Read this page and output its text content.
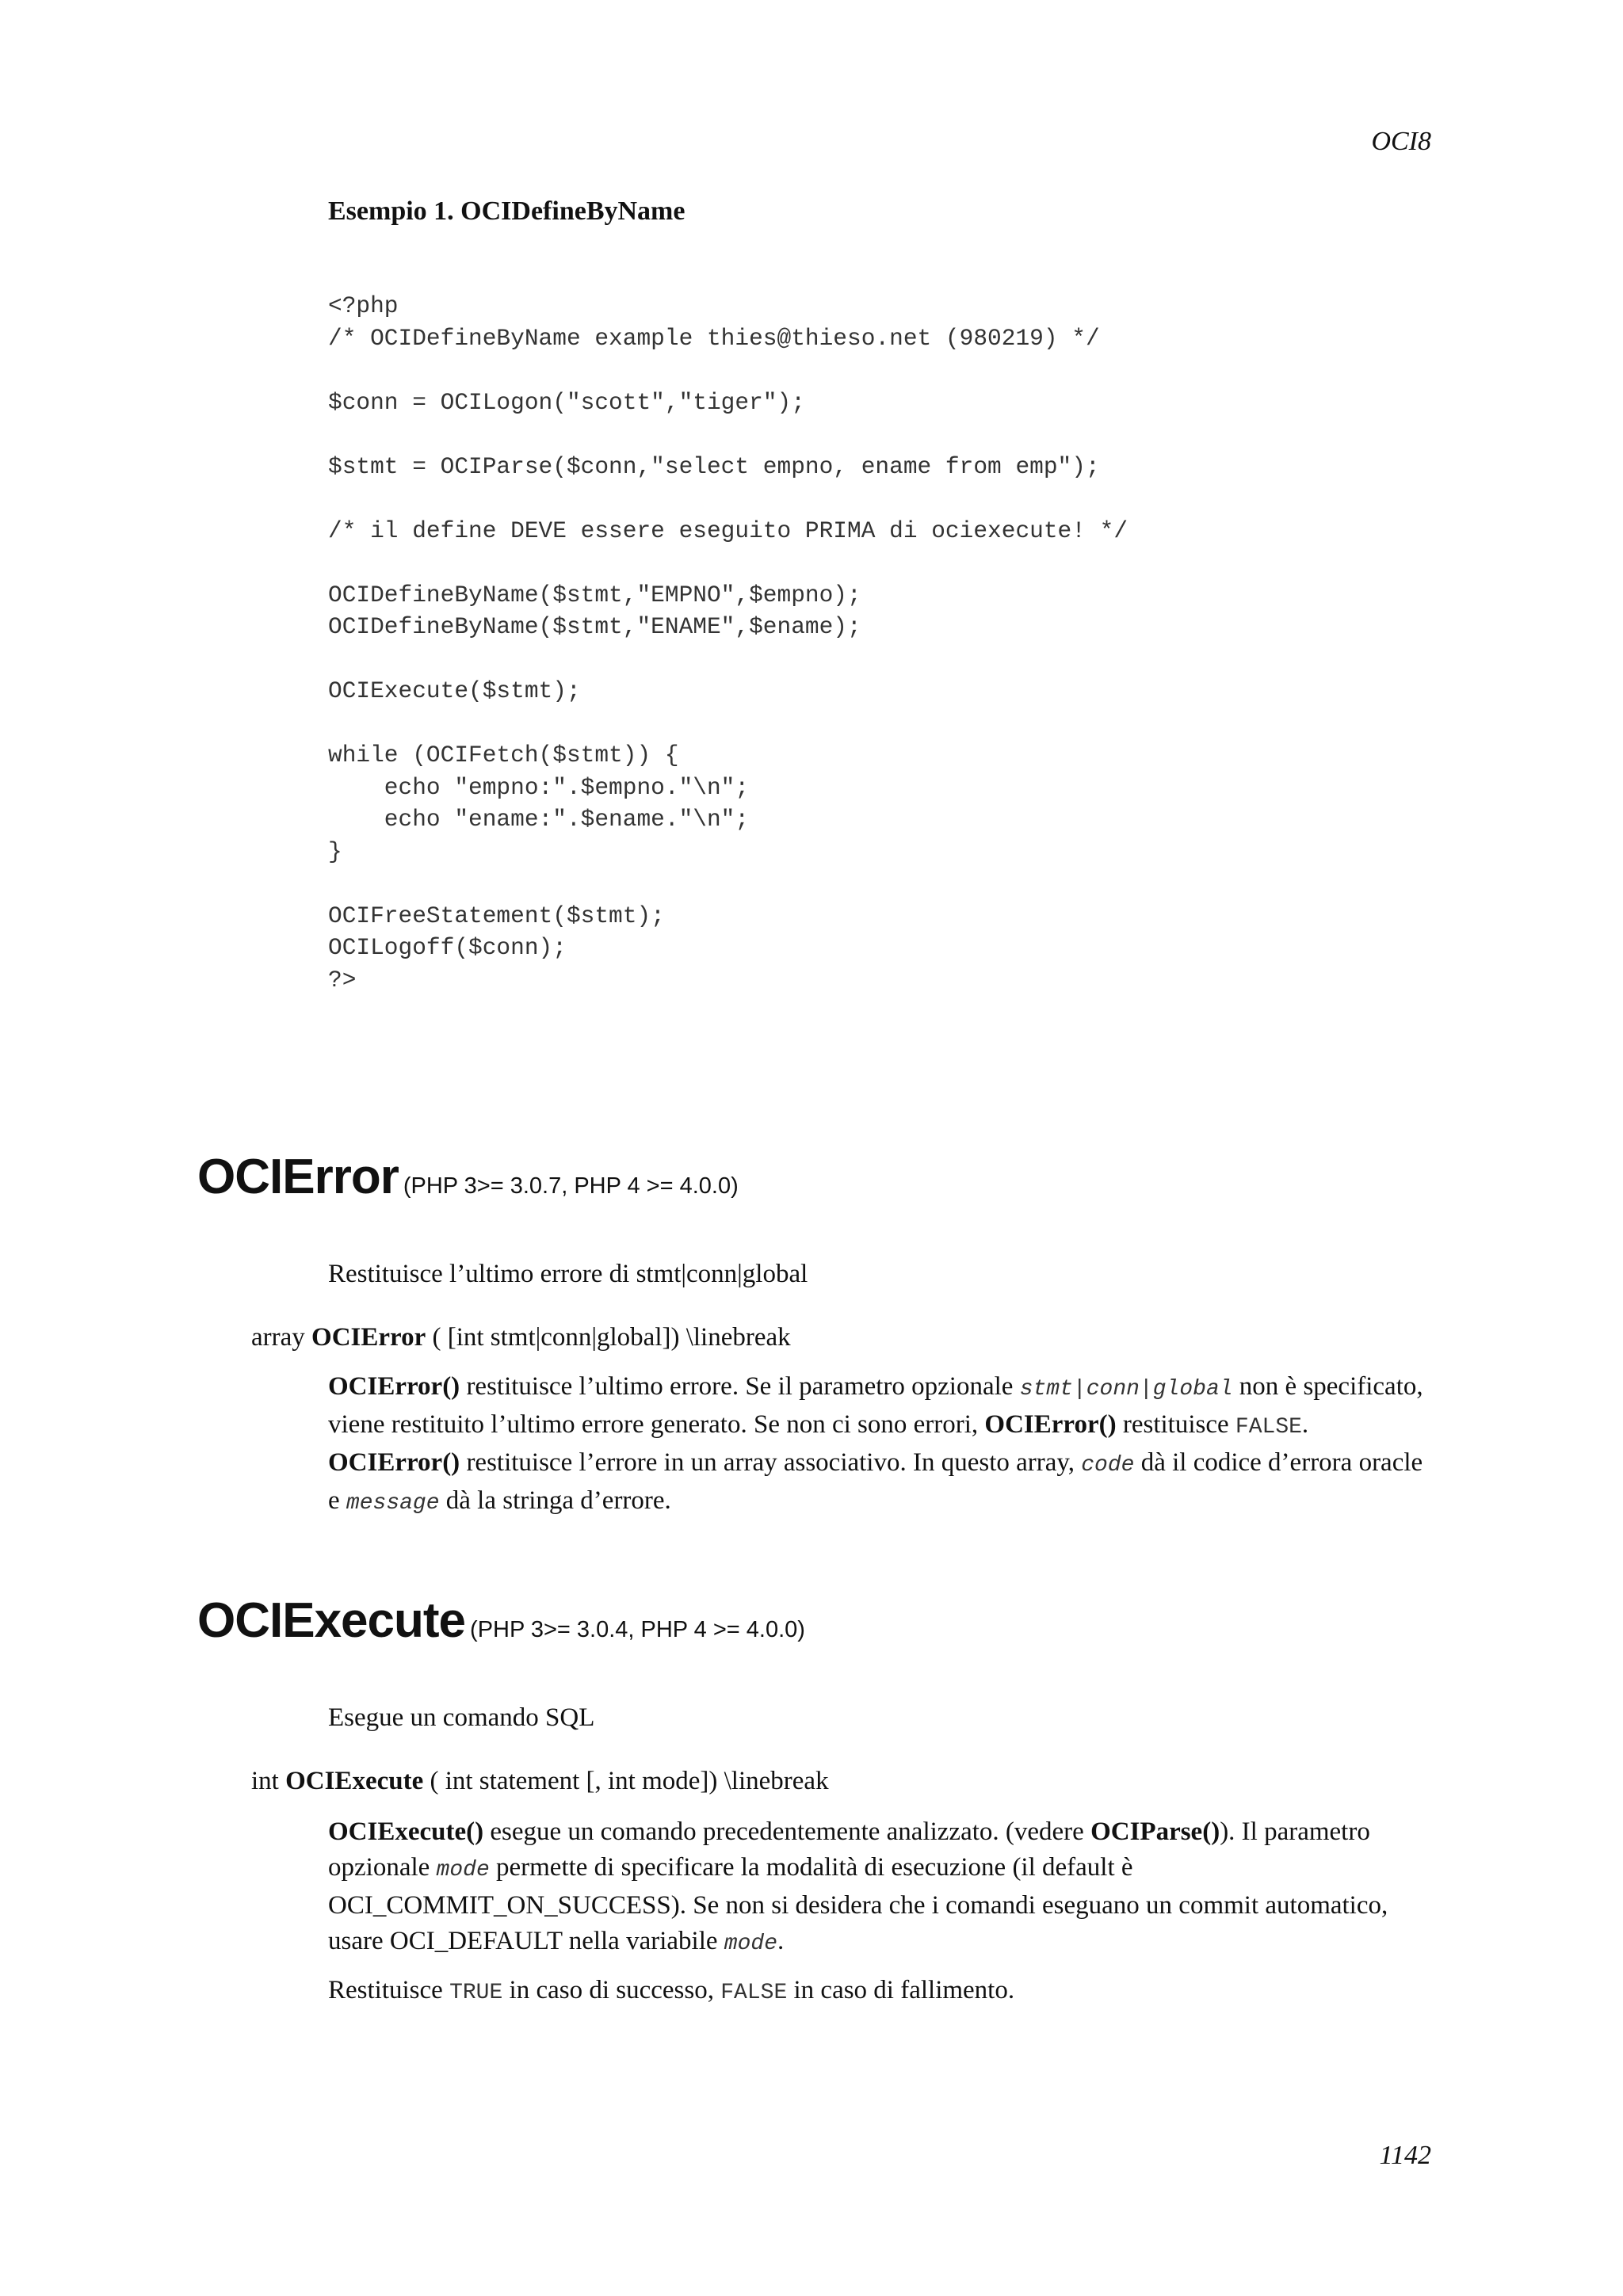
OCI8

Esempio 1. OCIDefineByName

<?php
/* OCIDefineByName example thies@thieso.net (980219) */
$conn = OCILogon("scott","tiger");
$stmt = OCIParse($conn,"select empno, ename from emp");
/* il define DEVE essere eseguito PRIMA di ociexecute! */
OCIDefineByName($stmt,"EMPNO",$empno);
OCIDefineByName($stmt,"ENAME",$ename);
OCIExecute($stmt);
while (OCIFetch($stmt)) {
echo "empno:".$empno."\n";
echo "ename:".$ename."\n";
}
OCIFreeStatement($stmt);
OCILogoff($conn);
?>
OCIError (PHP 3>= 3.0.7, PHP 4 >= 4.0.0)

Restituisce l’ultimo errore di stmt|conn|global

array OCIError ( [int stmt|conn|global]) \linebreak

OCIError() restituisce l’ultimo errore. Se il parametro opzionale stmt|conn|global non è specificato, viene restituito l’ultimo errore generato. Se non ci sono errori, OCIError() restituisce FALSE. OCIError() restituisce l’errore in un array associativo. In questo array, code dà il codice d’errora oracle e message dà la stringa d’errore.

OCIExecute (PHP 3>= 3.0.4, PHP 4 >= 4.0.0)

Esegue un comando SQL

int OCIExecute ( int statement [, int mode]) \linebreak

OCIExecute() esegue un comando precedentemente analizzato. (vedere OCIParse()). Il parametro opzionale mode permette di specificare la modalità di esecuzione (il default è OCI_COMMIT_ON_SUCCESS). Se non si desidera che i comandi eseguano un commit automatico, usare OCI_DEFAULT nella variabile mode.

Restituisce TRUE in caso di successo, FALSE in caso di fallimento.

1142
